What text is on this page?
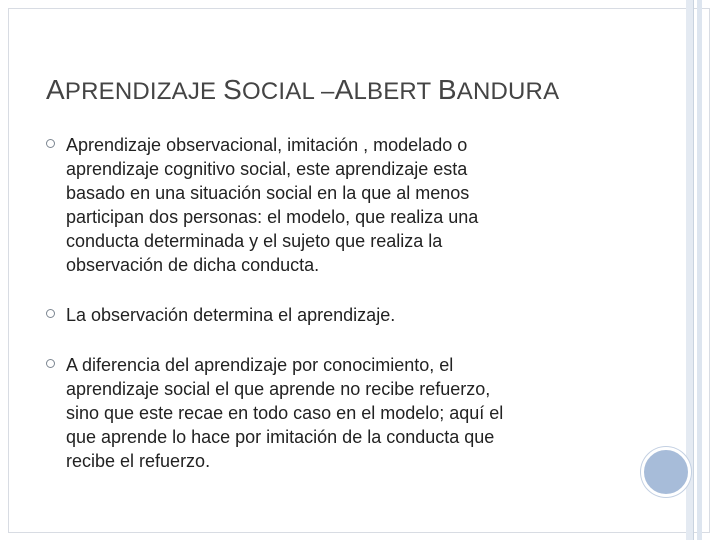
APRENDIZAJE SOCIAL –ALBERT BANDURA
Aprendizaje observacional, imitación , modelado o
aprendizaje cognitivo social, este aprendizaje esta
basado en una situación social en la que al menos
participan dos personas: el modelo, que realiza una
conducta determinada y el sujeto que realiza la
observación de dicha conducta.
La observación determina el aprendizaje.
A diferencia del aprendizaje por conocimiento, el
aprendizaje social el que aprende no recibe refuerzo,
sino que este recae en todo caso en el modelo; aquí el
que aprende lo hace por imitación de la conducta que
recibe el refuerzo.
